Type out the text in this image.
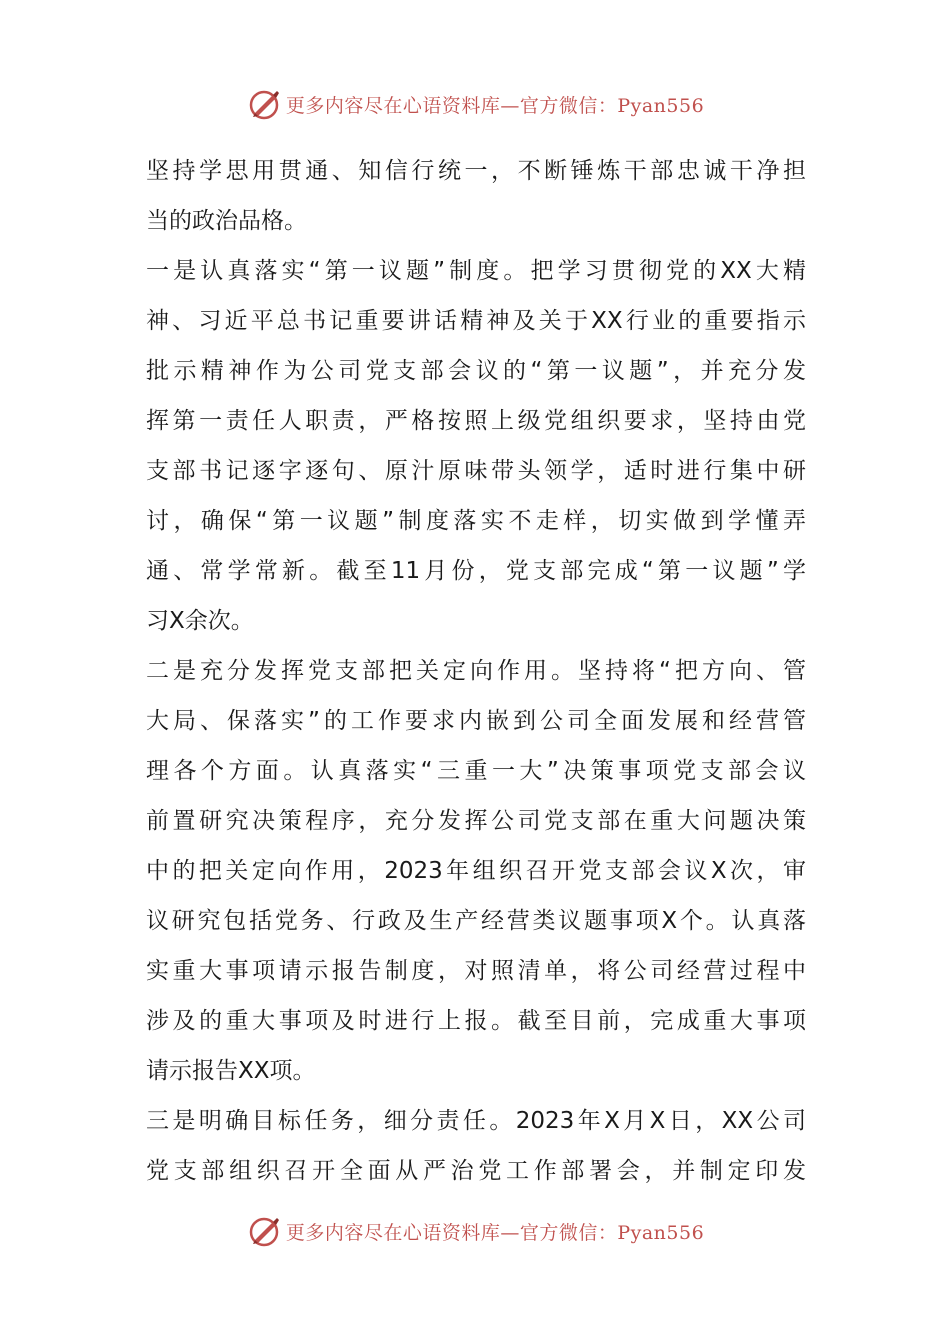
更多内容尽在心语资料库—官方微信：Pyan556
坚持学思用贯通、知信行统一，不断锤炼干部忠诚干净担
当的政治品格。
一是认真落实“第一议题”制度。把学习贯彻党的XX大精
神、习近平总书记重要讲话精神及关于XX行业的重要指示
批示精神作为公司党支部会议的“第一议题”，并充分发
挥第一责任人职责，严格按照上级党组织要求，坚持由党
支部书记逐字逐句、原汁原味带头领学，适时进行集中研
讨，确保“第一议题”制度落实不走样，切实做到学懂弄
通、常学常新。截至11月份，党支部完成“第一议题”学
习X余次。
二是充分发挥党支部把关定向作用。坚持将“把方向、管
大局、保落实”的工作要求内嵌到公司全面发展和经营管
理各个方面。认真落实“三重一大”决策事项党支部会议
前置研究决策程序，充分发挥公司党支部在重大问题决策
中的把关定向作用，2023年组织召开党支部会议X次，审
议研究包括党务、行政及生产经营类议题事项X个。认真落
实重大事项请示报告制度，对照清单，将公司经营过程中
涉及的重大事项及时进行上报。截至目前，完成重大事项
请示报告XX项。
三是明确目标任务，细分责任。2023年X月X日，XX公司
党支部组织召开全面从严治党工作部署会，并制定印发
更多内容尽在心语资料库—官方微信：Pyan556
